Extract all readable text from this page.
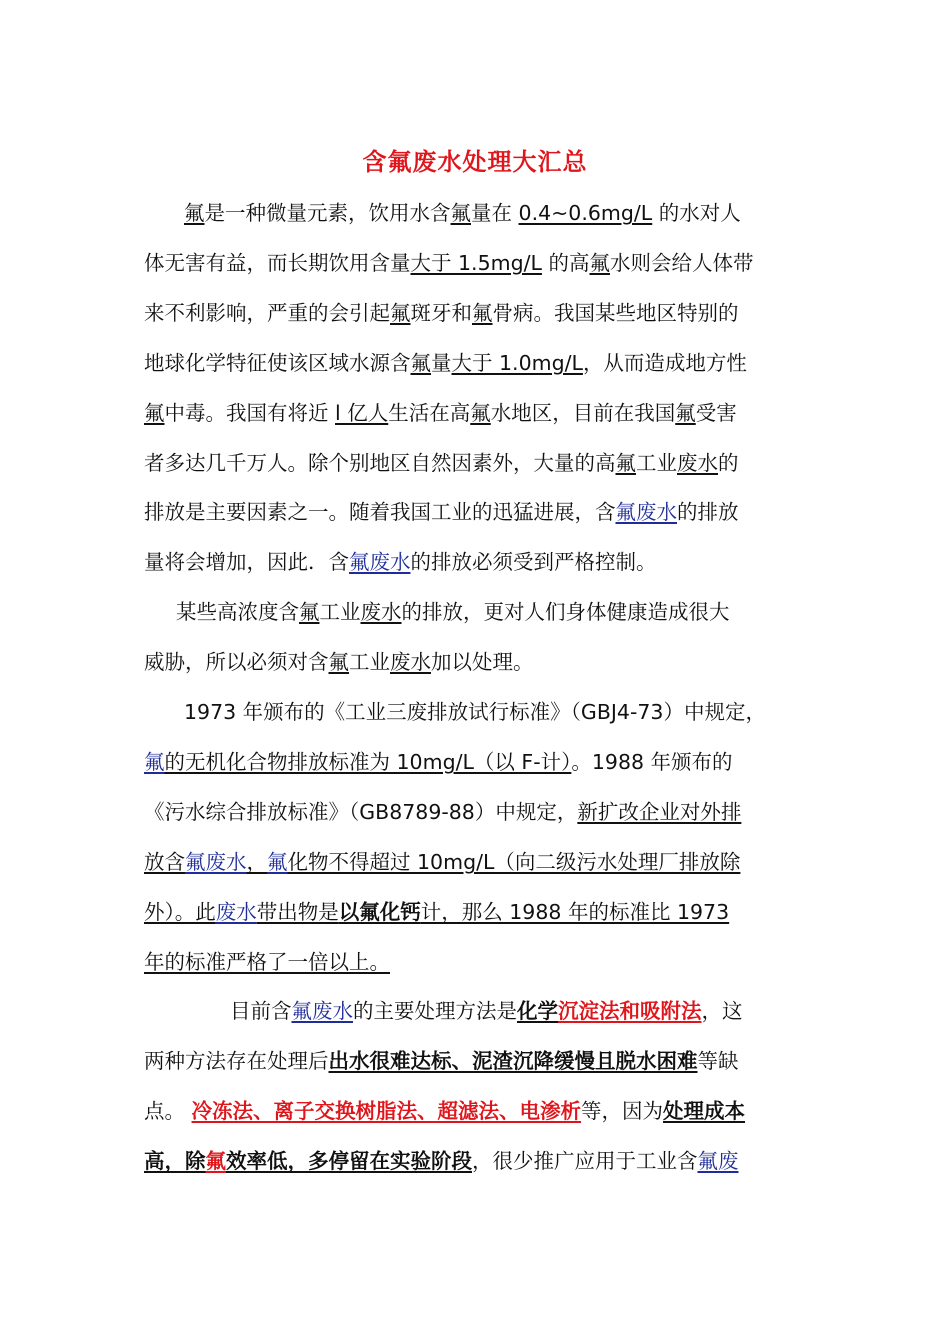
含氟废水处理大汇总
氟是一种微量元素，饮用水含氟量在 0.4~0.6mg/L 的水对人
体无害有益，而长期饮用含量大于 1.5mg/L 的高氟水则会给人体带
来不利影响，严重的会引起氟斑牙和氟骨病。我国某些地区特别的
地球化学特征使该区域水源含氟量大于 1.0mg/L，从而造成地方性
氟中毒。我国有将近 l 亿人生活在高氟水地区，目前在我国氟受害
者多达几千万人。除个别地区自然因素外，大量的高氟工业废水的
排放是主要因素之一。随着我国工业的迅猛进展，含氟废水的排放
量将会增加，因此．含氟废水的排放必须受到严格控制。
某些高浓度含氟工业废水的排放，更对人们身体健康造成很大
威胁，所以必须对含氟工业废水加以处理。
1973 年颁布的《工业三废排放试行标准》（GBJ4-73）中规定，
氟的无机化合物排放标准为 10mg/L（以 F-计）。1988 年颁布的
《污水综合排放标准》（GB8789-88）中规定，新扩改企业对外排
放含氟废水，氟化物不得超过 10mg/L（向二级污水处理厂排放除
外）。此废水带出物是以氟化钙计，那么 1988 年的标准比 1973
年的标准严格了一倍以上。
目前含氟废水的主要处理方法是化学沉淀法和吸附法，这
两种方法存在处理后出水很难达标、泥渣沉降缓慢且脱水困难等缺
点。 冷冻法、离子交换树脂法、超滤法、电渗析等，因为处理成本
高，除氟效率低，多停留在实验阶段，很少推广应用于工业含氟废
